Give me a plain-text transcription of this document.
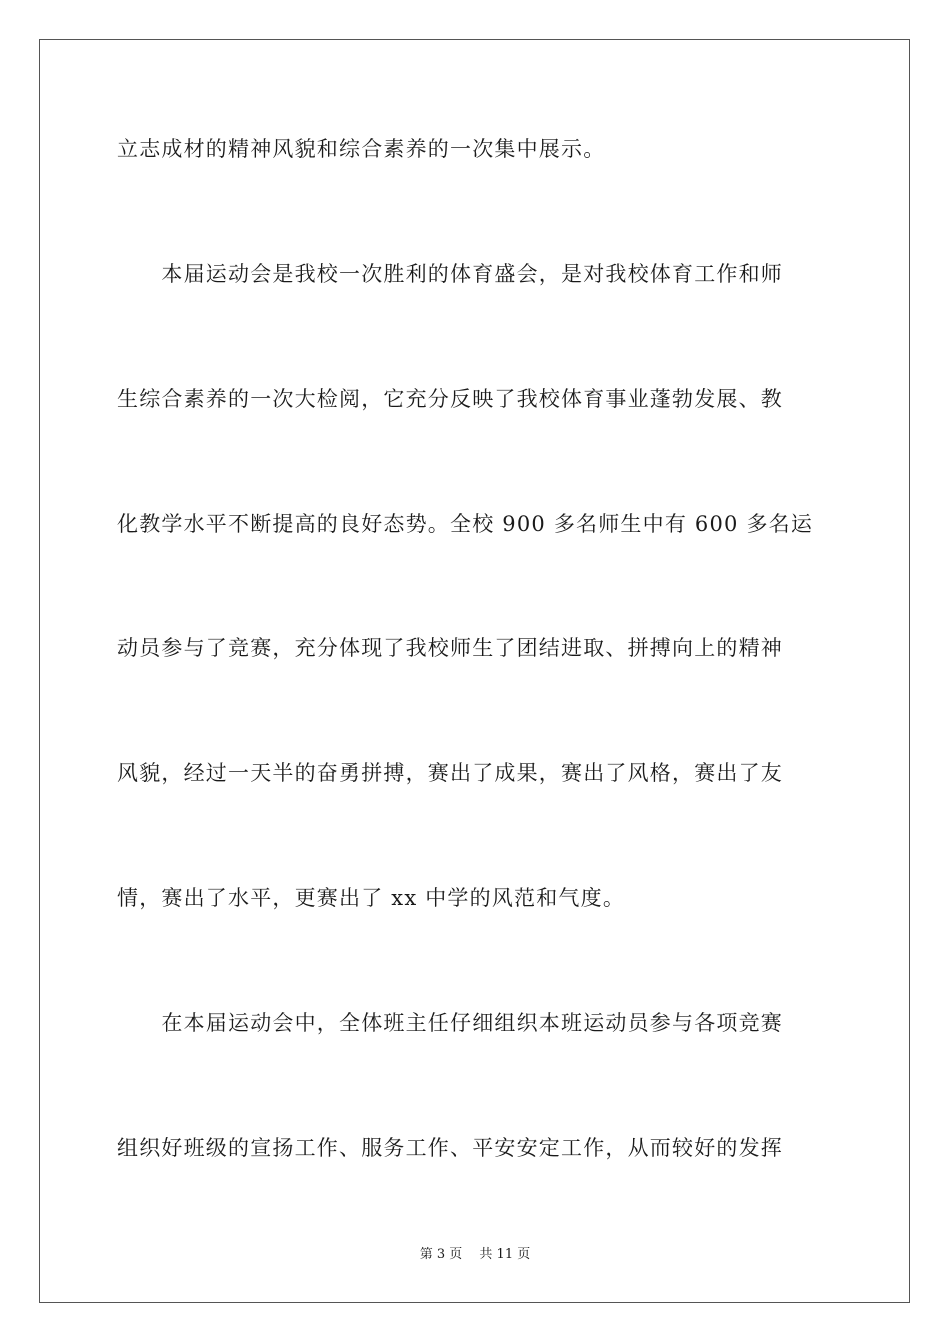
立志成材的精神风貌和综合素养的一次集中展示。
　　本届运动会是我校一次胜利的体育盛会，是对我校体育工作和师
生综合素养的一次大检阅，它充分反映了我校体育事业蓬勃发展、教
化教学水平不断提高的良好态势。全校 900 多名师生中有 600 多名运
动员参与了竞赛，充分体现了我校师生了团结进取、拼搏向上的精神
风貌，经过一天半的奋勇拼搏，赛出了成果，赛出了风格，赛出了友
情，赛出了水平，更赛出了 xx 中学的风范和气度。
　　在本届运动会中，全体班主任仔细组织本班运动员参与各项竞赛
组织好班级的宣扬工作、服务工作、平安安定工作，从而较好的发挥
第 3 页　 共 11 页
